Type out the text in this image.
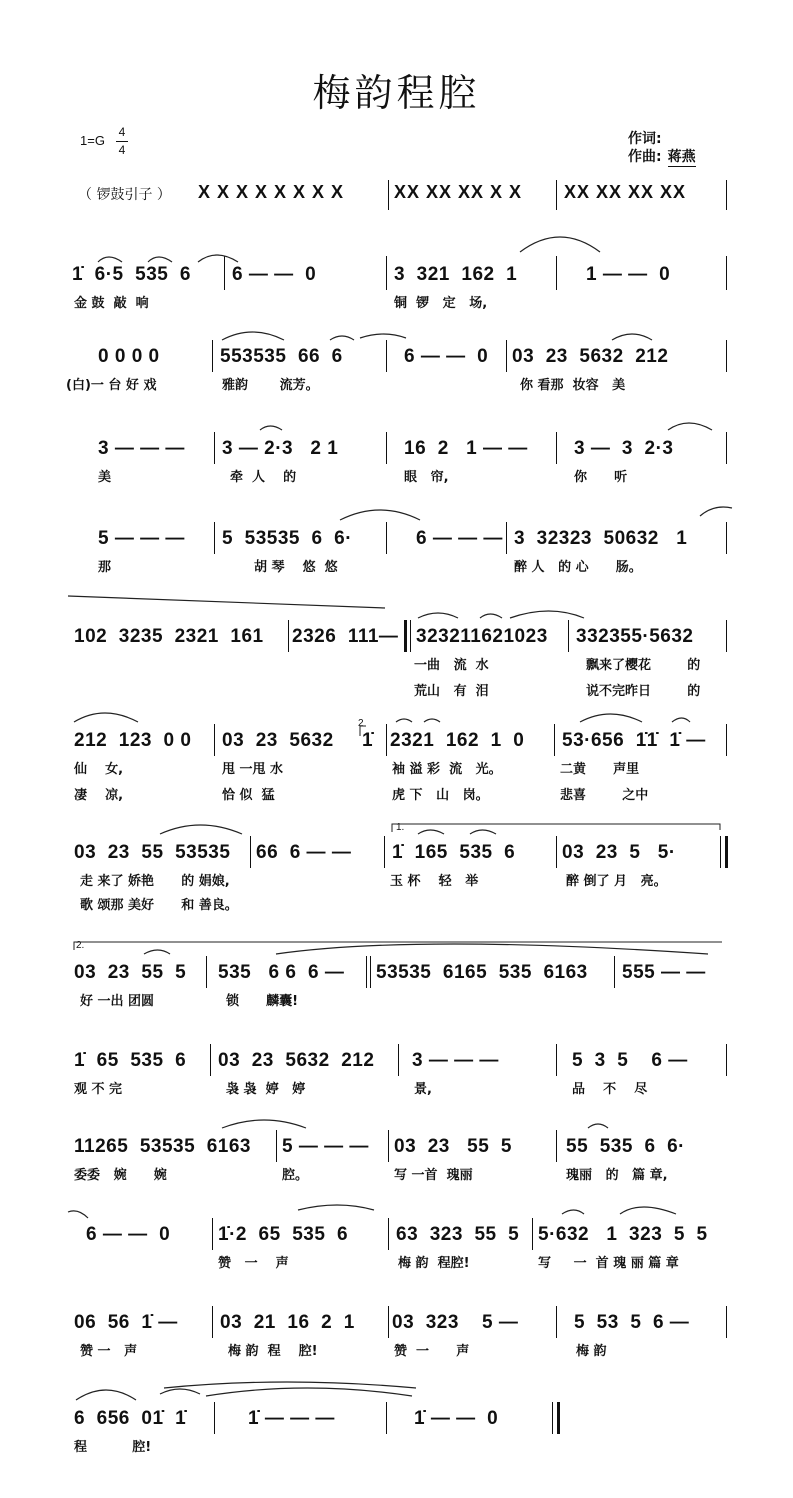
梅韵程腔
1=G
4
4
作词:
作曲: 蒋燕
（ 锣鼓引子 ） X X X X X X X X	XX XX XX X X XX XX XX XX
1̇  6·5  535  6 6 — —  0	3  321  162  1	1 — —  0
金 鼓  敲  响	铜  锣   定   场,
0 0 0 0	553535  66  6	6 — —  0 03  23  5632  212
(白)一 台 好 戏	雅韵       流芳。	你 看那  妆容   美
3 — — — 3 — 2·3   2 1	16  2   1 — — 3 —  3  2·3
美	牵  人    的	眼   帘,	你      听
5 — — — 5  53535  6  6·	6 — — — 3  32323  50632   1
那	胡 琴    悠  悠	醉 人   的 心      肠。
102  3235  2321  161 2326  111— 323211621023 332355·5632
一曲   流  水	飘来了樱花        的
荒山   有  泪	说不完昨日        的
212  123  0 0 03  23  5632 1̇ 2321  162  1  0 53·656  1̇1̇  1̇ —
2
仙    女,	甩 一甩 水	袖 溢 彩  流   光。	二黄      声里
凄    凉,	恰 似  猛	虎 下   山   岗。	悲喜        之中
03  23  55  53535 66  6 — — 1̇  165  535  6 03  23  5   5·
1.
走 来了 娇艳      的 娟娘,	玉 杯    轻   举	醉 倒了 月   亮。
歌 颂那 美好      和 善良。
03  23  55  5 535   6 6  6 — 53535  6165  535  6163 555 — —
2.
好 一出 团圆	锁      麟囊!
1̇  65  535  6 03  23  5632  212 3 — — —	5  3  5    6 —
观 不 完	袅 袅  婷   婷	景,	品    不    尽
11265  53535  6163 5 — — — 03  23   55  5	55  535  6  6·
委委   婉      婉	腔。	写 一首  瑰丽	瑰丽   的   篇 章,
6 — —  0	1̇·2  65  535  6	63  323  55  5 5·632   1  323  5  5
赞   一    声	梅 韵  程腔!	写     一  首 瑰 丽 篇 章
06  56  1̇ — 03  21  16  2  1 03  323    5 —	5  53  5  6 —
赞 一   声	梅 韵  程    腔!	赞  一      声	梅 韵
6  656  01̇  1̇	1̇ — — —	1̇ — —  0
程          腔!
